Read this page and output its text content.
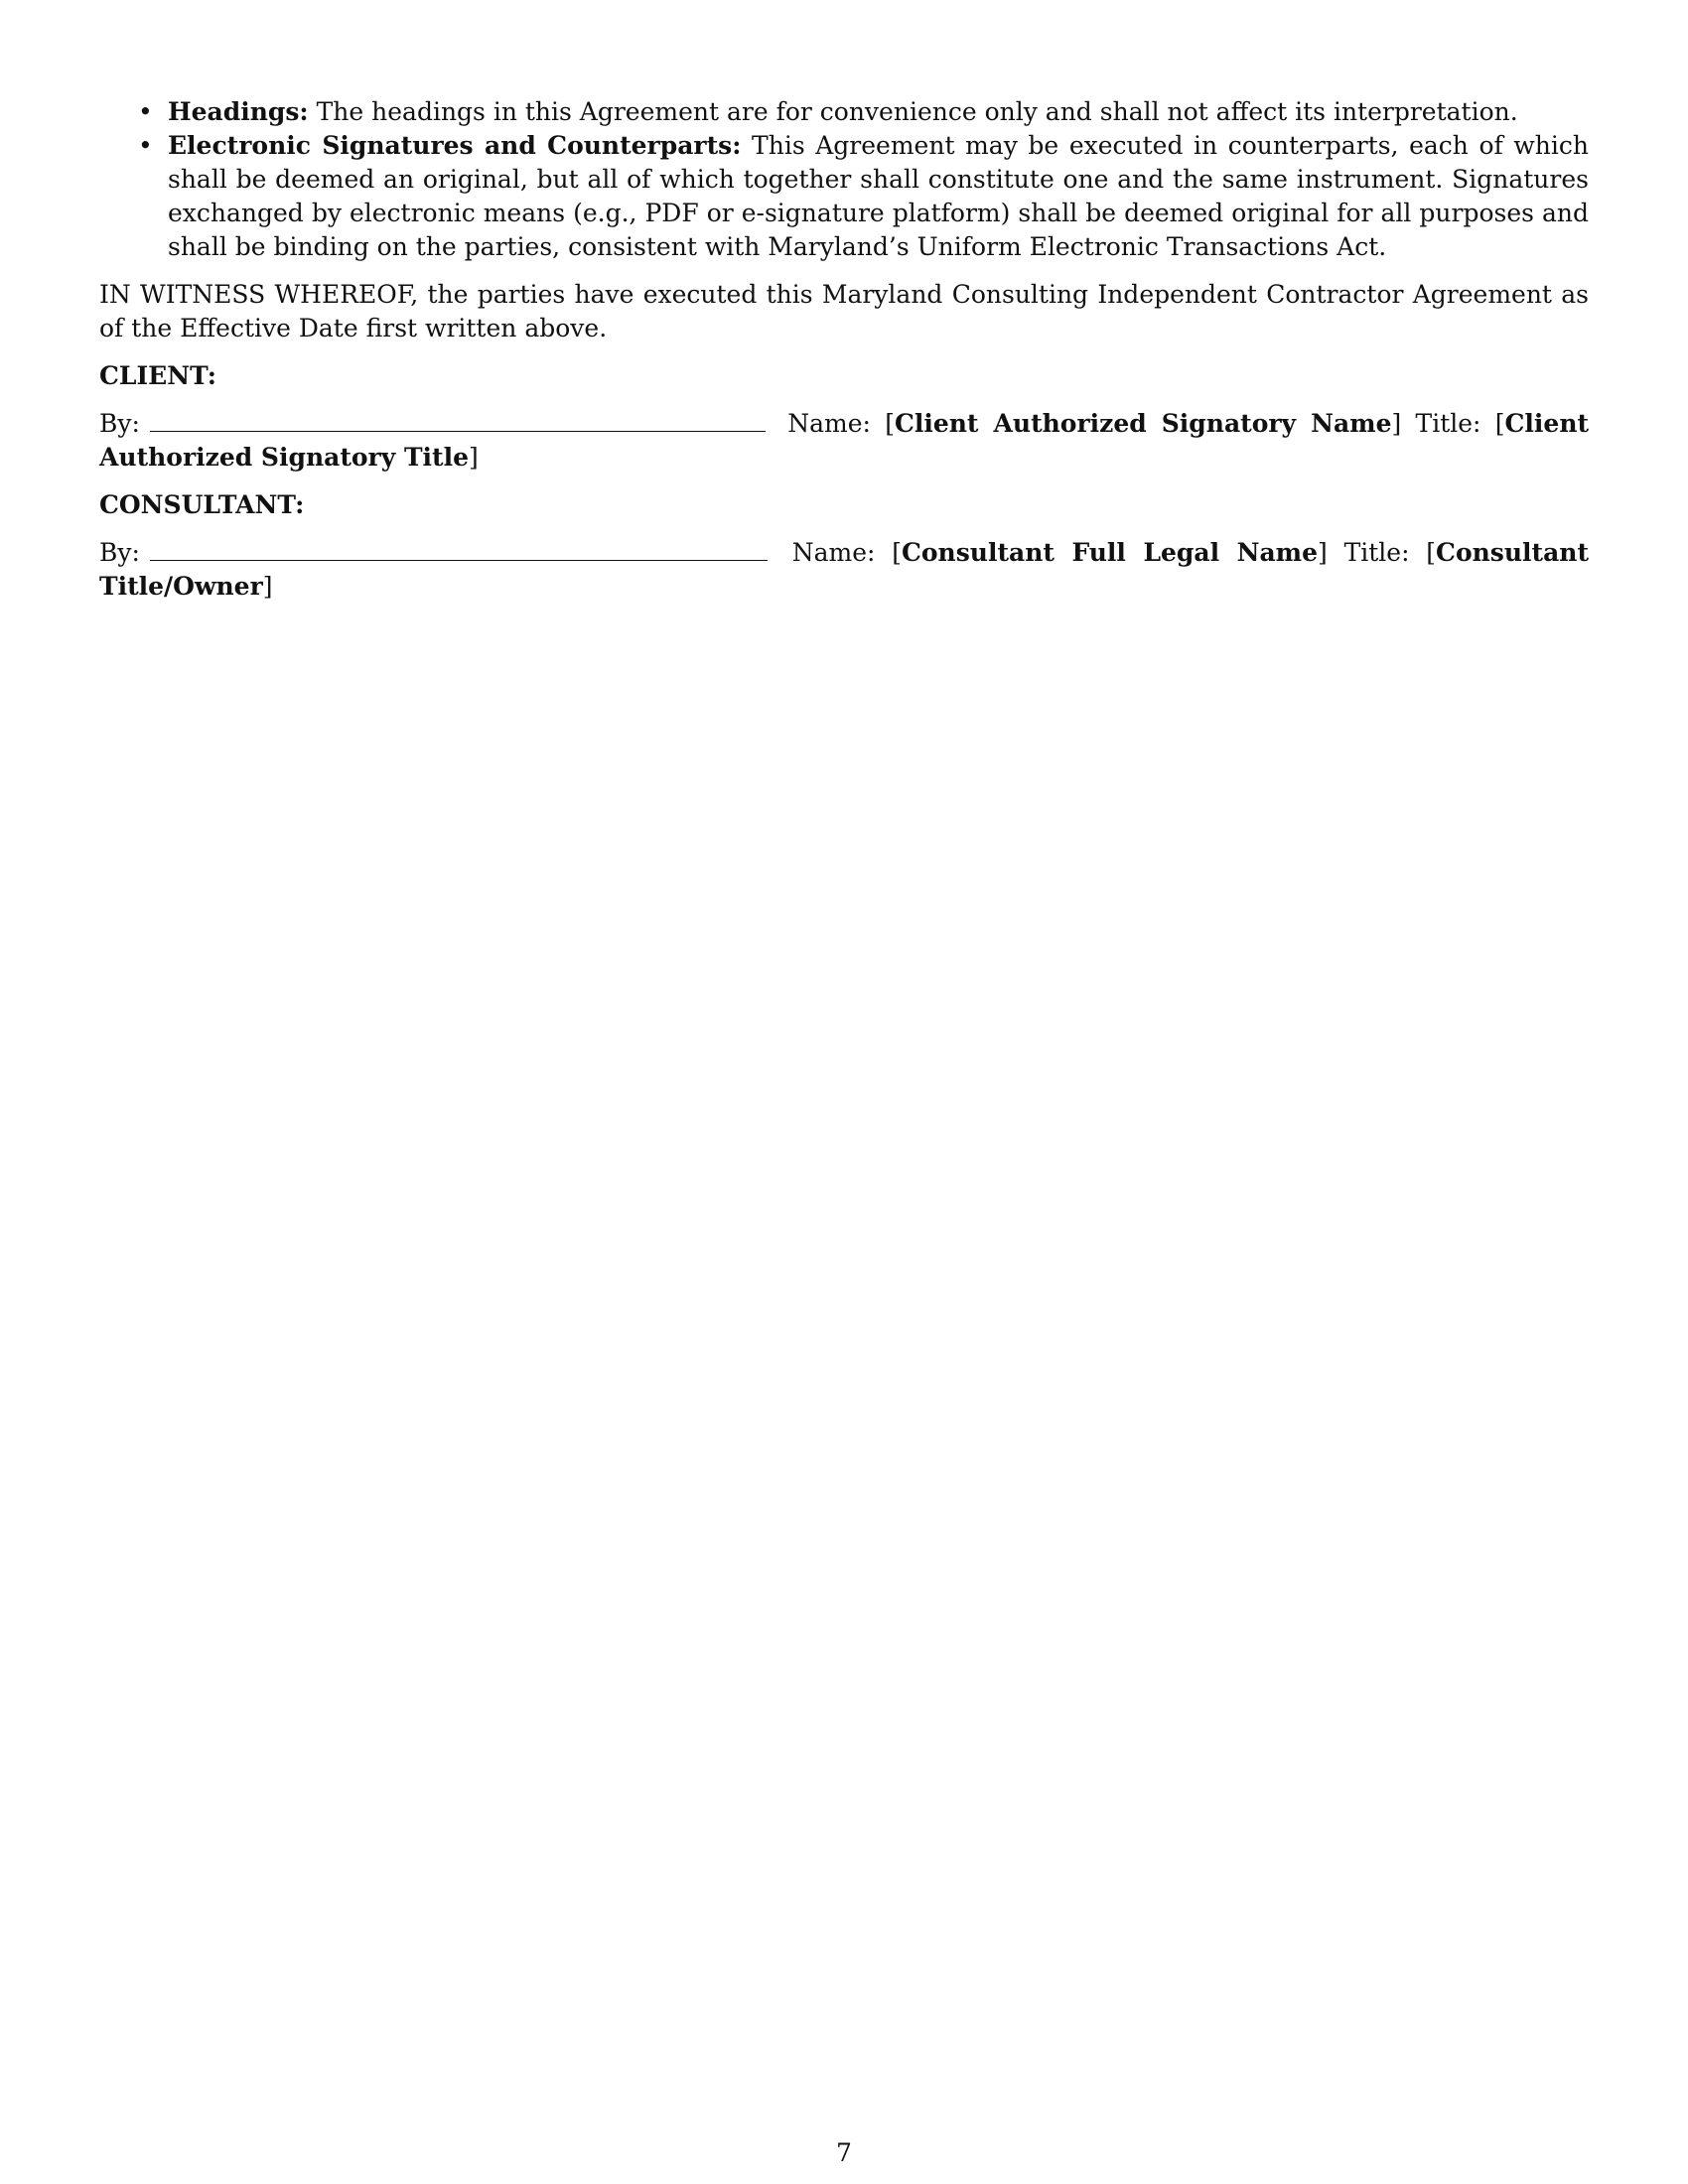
• Headings: The headings in this Agreement are for convenience only and shall not affect its interpretation.
• Electronic Signatures and Counterparts: This Agreement may be executed in counterparts, each of which shall be deemed an original, but all of which together shall constitute one and the same instrument. Signatures exchanged by electronic means (e.g., PDF or e-signature platform) shall be deemed original for all purposes and shall be binding on the parties, consistent with Maryland’s Uniform Electronic Transactions Act.

IN WITNESS WHEREOF, the parties have executed this Maryland Consulting Independent Contractor Agreement as of the Effective Date first written above.

CLIENT:
By:	Name: [Client Authorized Signatory Name] Title: [Client Authorized Signatory Title]
CONSULTANT:
By:	Name: [Consultant Full Legal Name] Title: [Consultant Title/Owner]
7
